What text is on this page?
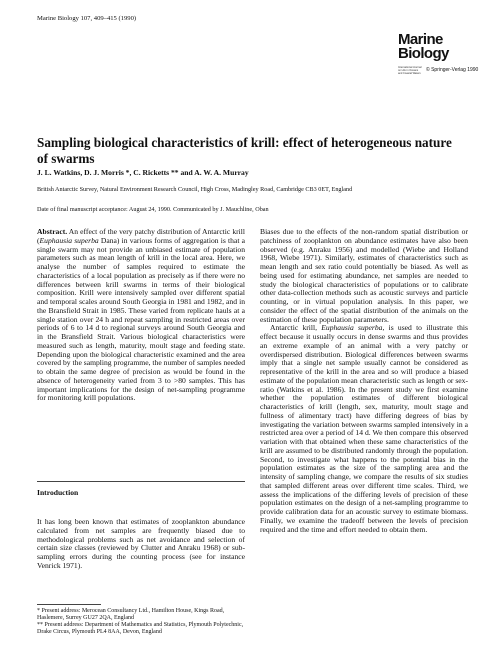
Marine Biology 107, 409–415 (1990)
Marine
Biology
International Journal
on Life in Oceans
and Coastal Waters
© Springer-Verlag 1990
Sampling biological characteristics of krill: effect of heterogeneous nature of swarms
J. L. Watkins, D. J. Morris *, C. Ricketts ** and A. W. A. Murray
British Antarctic Survey, Natural Environment Research Council, High Cross, Madingley Road, Cambridge CB3 0ET, England
Date of final manuscript acceptance: August 24, 1990. Communicated by J. Mauchline, Oban

Abstract. An effect of the very patchy distribution of Antarctic krill (Euphausia superba Dana) in various forms of aggregation is that a single swarm may not provide an unbiased estimate of population parameters such as mean length of krill in the local area. Here, we analyse the number of samples required to estimate the characteristics of a local population as precisely as if there were no differences between krill swarms in terms of their biological composition. Krill were intensively sampled over different spatial and temporal scales around South Georgia in 1981 and 1982, and in the Bransfield Strait in 1985. These varied from replicate hauls at a single station over 24 h and repeat sampling in restricted areas over periods of 6 to 14 d to regional surveys around South Georgia and in the Bransfield Strait. Various biological characteristics were measured such as length, maturity, moult stage and feeding state. Depending upon the biological characteristic examined and the area covered by the sampling programme, the number of samples needed to obtain the same degree of precision as would be found in the absence of heterogeneity varied from 3 to >80 samples. This has important implications for the design of net-sampling programme for monitoring krill populations.

Introduction

It has long been known that estimates of zooplankton abundance calculated from net samples are frequently biased due to methodological problems such as net avoidance and selection of certain size classes (reviewed by Clutter and Anraku 1968) or sub-sampling errors during the counting process (see for instance Venrick 1971).

* Present address: Merocean Consultancy Ltd., Hamilton House, Kings Road, Haslemere, Surrey GU27 2QA, England

** Present address: Department of Mathematics and Statistics, Plymouth Polytechnic, Drake Circus, Plymouth PL4 8AA, Devon, England

Biases due to the effects of the non-random spatial distribution or patchiness of zooplankton on abundance estimates have also been observed (e.g. Anraku 1956) and modelled (Wiebe and Holland 1968, Wiebe 1971). Similarly, estimates of characteristics such as mean length and sex ratio could potentially be biased. As well as being used for estimating abundance, net samples are needed to study the biological characteristics of populations or to calibrate other data-collection methods such as acoustic surveys and particle counting, or in virtual population analysis. In this paper, we consider the effect of the spatial distribution of the animals on the estimation of these population parameters.

Antarctic krill, Euphausia superba, is used to illustrate this effect because it usually occurs in dense swarms and thus provides an extreme example of an animal with a very patchy or overdispersed distribution. Biological differences between swarms imply that a single net sample usually cannot be considered as representative of the krill in the area and so will produce a biased estimate of the population mean characteristic such as length or sex-ratio (Watkins et al. 1986). In the present study we first examine whether the population estimates of different biological characteristics of krill (length, sex, maturity, moult stage and fullness of alimentary tract) have differing degrees of bias by investigating the variation between swarms sampled intensively in a restricted area over a period of 14 d. We then compare this observed variation with that obtained when these same characteristics of the krill are assumed to be distributed randomly through the population. Second, to investigate what happens to the potential bias in the population estimates as the size of the sampling area and the intensity of sampling change, we compare the results of six studies that sampled different areas over different time scales. Third, we assess the implications of the differing levels of precision of these population estimates on the design of a net-sampling programme to provide calibration data for an acoustic survey to estimate biomass. Finally, we examine the tradeoff between the levels of precision required and the time and effort needed to obtain them.
